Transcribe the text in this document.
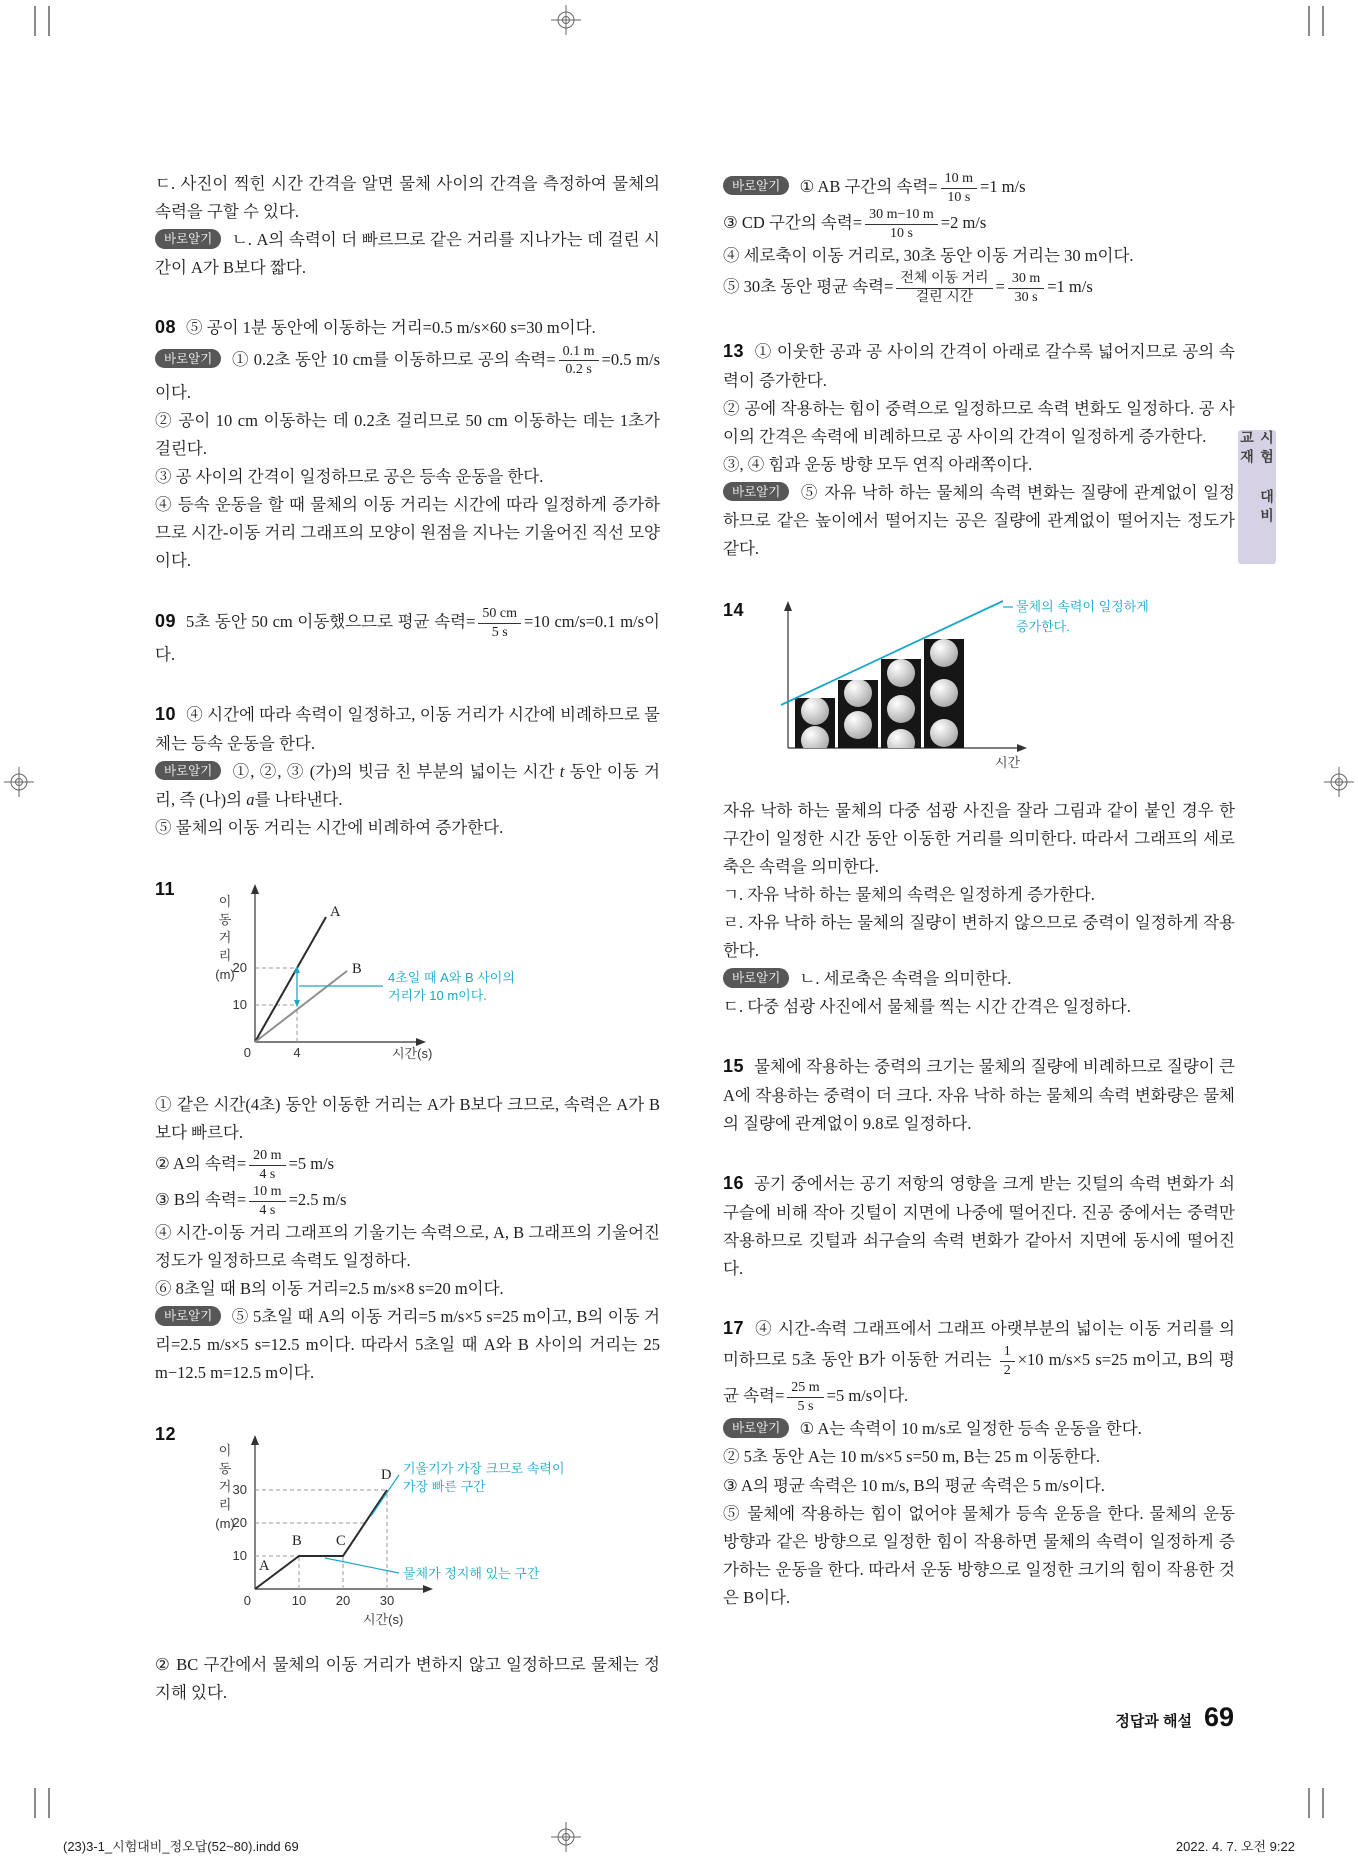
시험 대비 교재
ㄷ. 사진이 찍힌 시간 간격을 알면 물체 사이의 간격을 측정하여 물체의 속력을 구할 수 있다.
바로알기 ㄴ. A의 속력이 더 빠르므로 같은 거리를 지나가는 데 걸린 시간이 A가 B보다 짧다.
08 ⑤ 공이 1분 동안에 이동하는 거리=0.5 m/s×60 s=30 m이다.
바로알기 ① 0.2초 동안 10 cm를 이동하므로 공의 속력= $\frac{0.1 m}{0.2 s} =0.5$ m/s이다.
② 공이 10 cm 이동하는 데 0.2초 걸리므로 50 cm 이동하는 데는 1초가 걸린다.
③ 공 사이의 간격이 일정하므로 공은 등속 운동을 한다.
④ 등속 운동을 할 때 물체의 이동 거리는 시간에 따라 일정하게 증가하므로 시간-이동 거리 그래프의 모양이 원점을 지나는 기울어진 직선 모양이다.
09 5초 동안 50 cm 이동했으므로 평균 속력= $\frac{50 cm}{5 s} =10$ cm/s=0.1 m/s이다.
10 ④ 시간에 따라 속력이 일정하고, 이동 거리가 시간에 비례하므로 물체는 등속 운동을 한다.
바로알기 ①, ②, ③ (가)의 빗금 친 부분의 넓이는 시간 t 동안 이동 거리, 즉 (나)의 a를 나타낸다.
⑤ 물체의 이동 거리는 시간에 비례하여 증가한다.
11
A
B
4초일 때 A와 B 사이의
거리가 10 m이다.
20
10
0	4	시간(s)
이
동
거
리
(m)
① 같은 시간(4초) 동안 이동한 거리는 A가 B보다 크므로, 속력은 A가 B보다 빠르다.
② A의 속력= $\frac{20 m}{4 s} =5$ m/s
③ B의 속력= $\frac{10 m}{4 s} =2.5$ m/s
④ 시간-이동 거리 그래프의 기울기는 속력으로, A, B 그래프의 기울어진 정도가 일정하므로 속력도 일정하다.
⑥ 8초일 때 B의 이동 거리=2.5 m/s×8 s=20 m이다.
바로알기 ⑤ 5초일 때 A의 이동 거리=5 m/s×5 s=25 m이고, B의 이동 거리=2.5 m/s×5 s=12.5 m이다. 따라서 5초일 때 A와 B 사이의 거리는 25 m−12.5 m=12.5 m이다.
12
A
B C
D 기울기가 가장 크므로 속력이
가장 빠른 구간
물체가 정지해 있는 구간
30
20
10
0	10 20 30
시간(s)
이
동
거
리
(m)
② BC 구간에서 물체의 이동 거리가 변하지 않고 일정하므로 물체는 정지해 있다.
바로알기 ① AB 구간의 속력= $\frac{10 m}{10 s} =1$ m/s
③ CD 구간의 속력= $\frac{30 m-10 m}{10 s} =2$ m/s
④ 세로축이 이동 거리로, 30초 동안 이동 거리는 30 m이다.
⑤ 30초 동안 평균 속력= $\frac{\text{전체 이동 거리}}{\text{걸린 시간}} = \frac{30 m}{30 s} =1$ m/s
13 ① 이웃한 공과 공 사이의 간격이 아래로 갈수록 넓어지므로 공의 속력이 증가한다.
② 공에 작용하는 힘이 중력으로 일정하므로 속력 변화도 일정하다. 공 사이의 간격은 속력에 비례하므로 공 사이의 간격이 일정하게 증가한다.
③, ④ 힘과 운동 방향 모두 연직 아래쪽이다.
바로알기 ⑤ 자유 낙하 하는 물체의 속력 변화는 질량에 관계없이 일정하므로 같은 높이에서 떨어지는 공은 질량에 관계없이 떨어지는 정도가 같다.
14	물체의 속력이 일정하게
증가한다.
시간
자유 낙하 하는 물체의 다중 섬광 사진을 잘라 그림과 같이 붙인 경우 한 구간이 일정한 시간 동안 이동한 거리를 의미한다. 따라서 그래프의 세로축은 속력을 의미한다.
ㄱ. 자유 낙하 하는 물체의 속력은 일정하게 증가한다.
ㄹ. 자유 낙하 하는 물체의 질량이 변하지 않으므로 중력이 일정하게 작용한다.
바로알기 ㄴ. 세로축은 속력을 의미한다.
ㄷ. 다중 섬광 사진에서 물체를 찍는 시간 간격은 일정하다.
15 물체에 작용하는 중력의 크기는 물체의 질량에 비례하므로 질량이 큰 A에 작용하는 중력이 더 크다. 자유 낙하 하는 물체의 속력 변화량은 물체의 질량에 관계없이 9.8로 일정하다.
16 공기 중에서는 공기 저항의 영향을 크게 받는 깃털의 속력 변화가 쇠구슬에 비해 작아 깃털이 지면에 나중에 떨어진다. 진공 중에서는 중력만 작용하므로 깃털과 쇠구슬의 속력 변화가 같아서 지면에 동시에 떨어진다.
17 ④ 시간-속력 그래프에서 그래프 아랫부분의 넓이는 이동 거리를 의미하므로 5초 동안 B가 이동한 거리는 $\frac{1}{2} \times 10$ m/s×5 s=25 m이고, B의 평균 속력= $\frac{25 m}{5 s} =5$ m/s이다.
바로알기 ① A는 속력이 10 m/s로 일정한 등속 운동을 한다.
② 5초 동안 A는 10 m/s×5 s=50 m, B는 25 m 이동한다.
③ A의 평균 속력은 10 m/s, B의 평균 속력은 5 m/s이다.
⑤ 물체에 작용하는 힘이 없어야 물체가 등속 운동을 한다. 물체의 운동 방향과 같은 방향으로 일정한 힘이 작용하면 물체의 속력이 일정하게 증가하는 운동을 한다. 따라서 운동 방향으로 일정한 크기의 힘이 작용한 것은 B이다.
정답과 해설 69
(23)3-1_시험대비_정오답(52~80).indd 69	2022. 4. 7. 오전 9:22
